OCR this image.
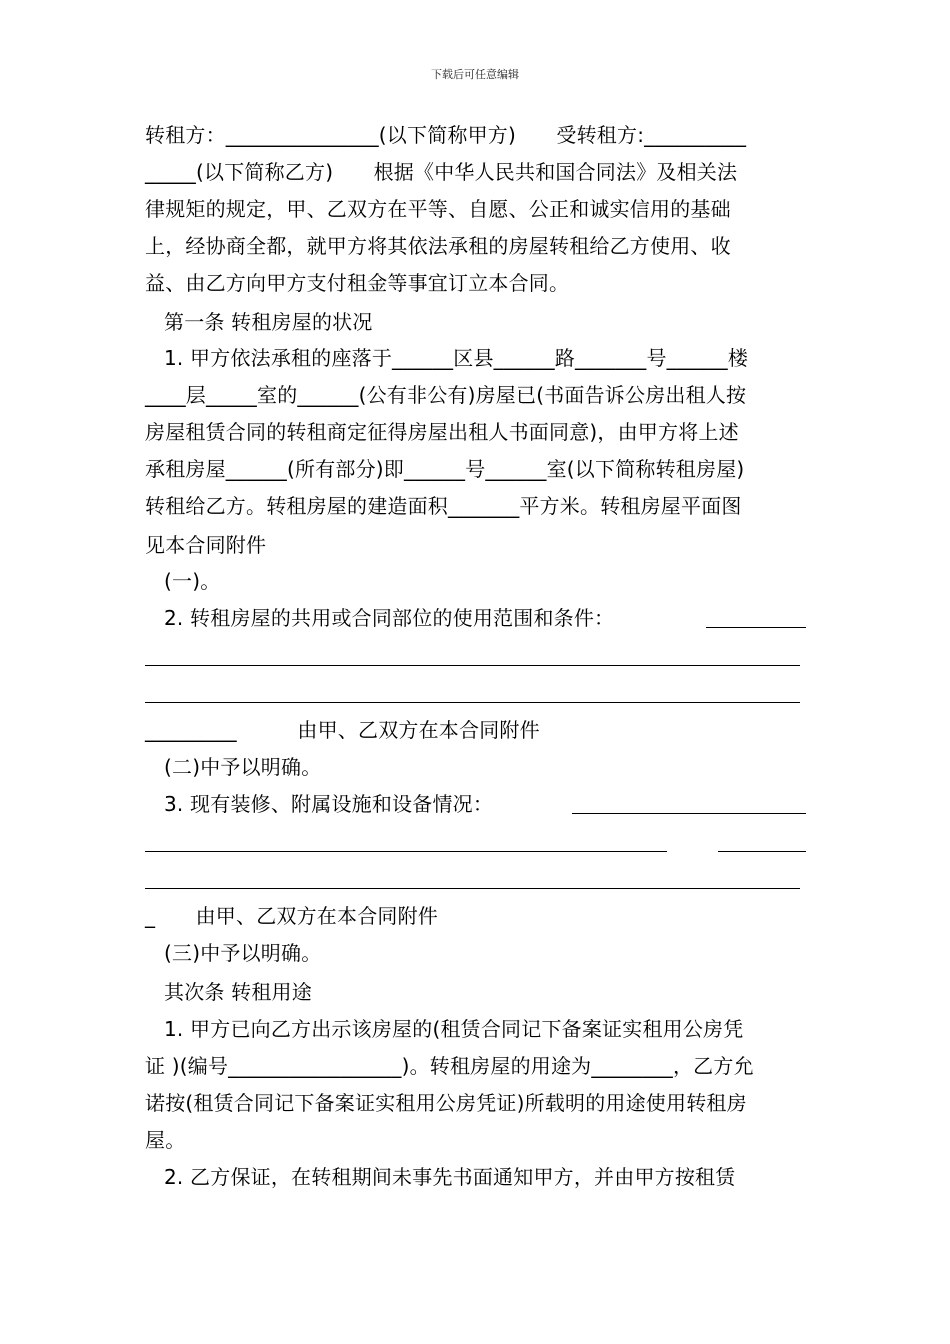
下载后可任意编辑
转租方：_______________(以下简称甲方)　　受转租方:__________
_____(以下简称乙方)　　根据《中华人民共和国合同法》及相关法
律规矩的规定，甲、乙双方在平等、自愿、公正和诚实信用的基础
上，经协商全都，就甲方将其依法承租的房屋转租给乙方使用、收
益、由乙方向甲方支付租金等事宜订立本合同。
第一条 转租房屋的状况
1. 甲方依法承租的座落于______区县______路_______号______楼
____层_____室的______(公有非公有)房屋已(书面告诉公房出租人按
房屋租赁合同的转租商定征得房屋出租人书面同意)，由甲方将上述
承租房屋______(所有部分)即______号______室(以下简称转租房屋)
转租给乙方。转租房屋的建造面积_______平方米。转租房屋平面图
见本合同附件
(一)。
2. 转租房屋的共用或合同部位的使用范围和条件：
_________　　　由甲、乙双方在本合同附件
(二)中予以明确。
3. 现有装修、附属设施和设备情况：
_　　由甲、乙双方在本合同附件
(三)中予以明确。
其次条 转租用途
1. 甲方已向乙方出示该房屋的(租赁合同记下备案证实租用公房凭
证 )(编号_________________)。转租房屋的用途为________，乙方允
诺按(租赁合同记下备案证实租用公房凭证)所载明的用途使用转租房
屋。
2. 乙方保证，在转租期间未事先书面通知甲方，并由甲方按租赁
